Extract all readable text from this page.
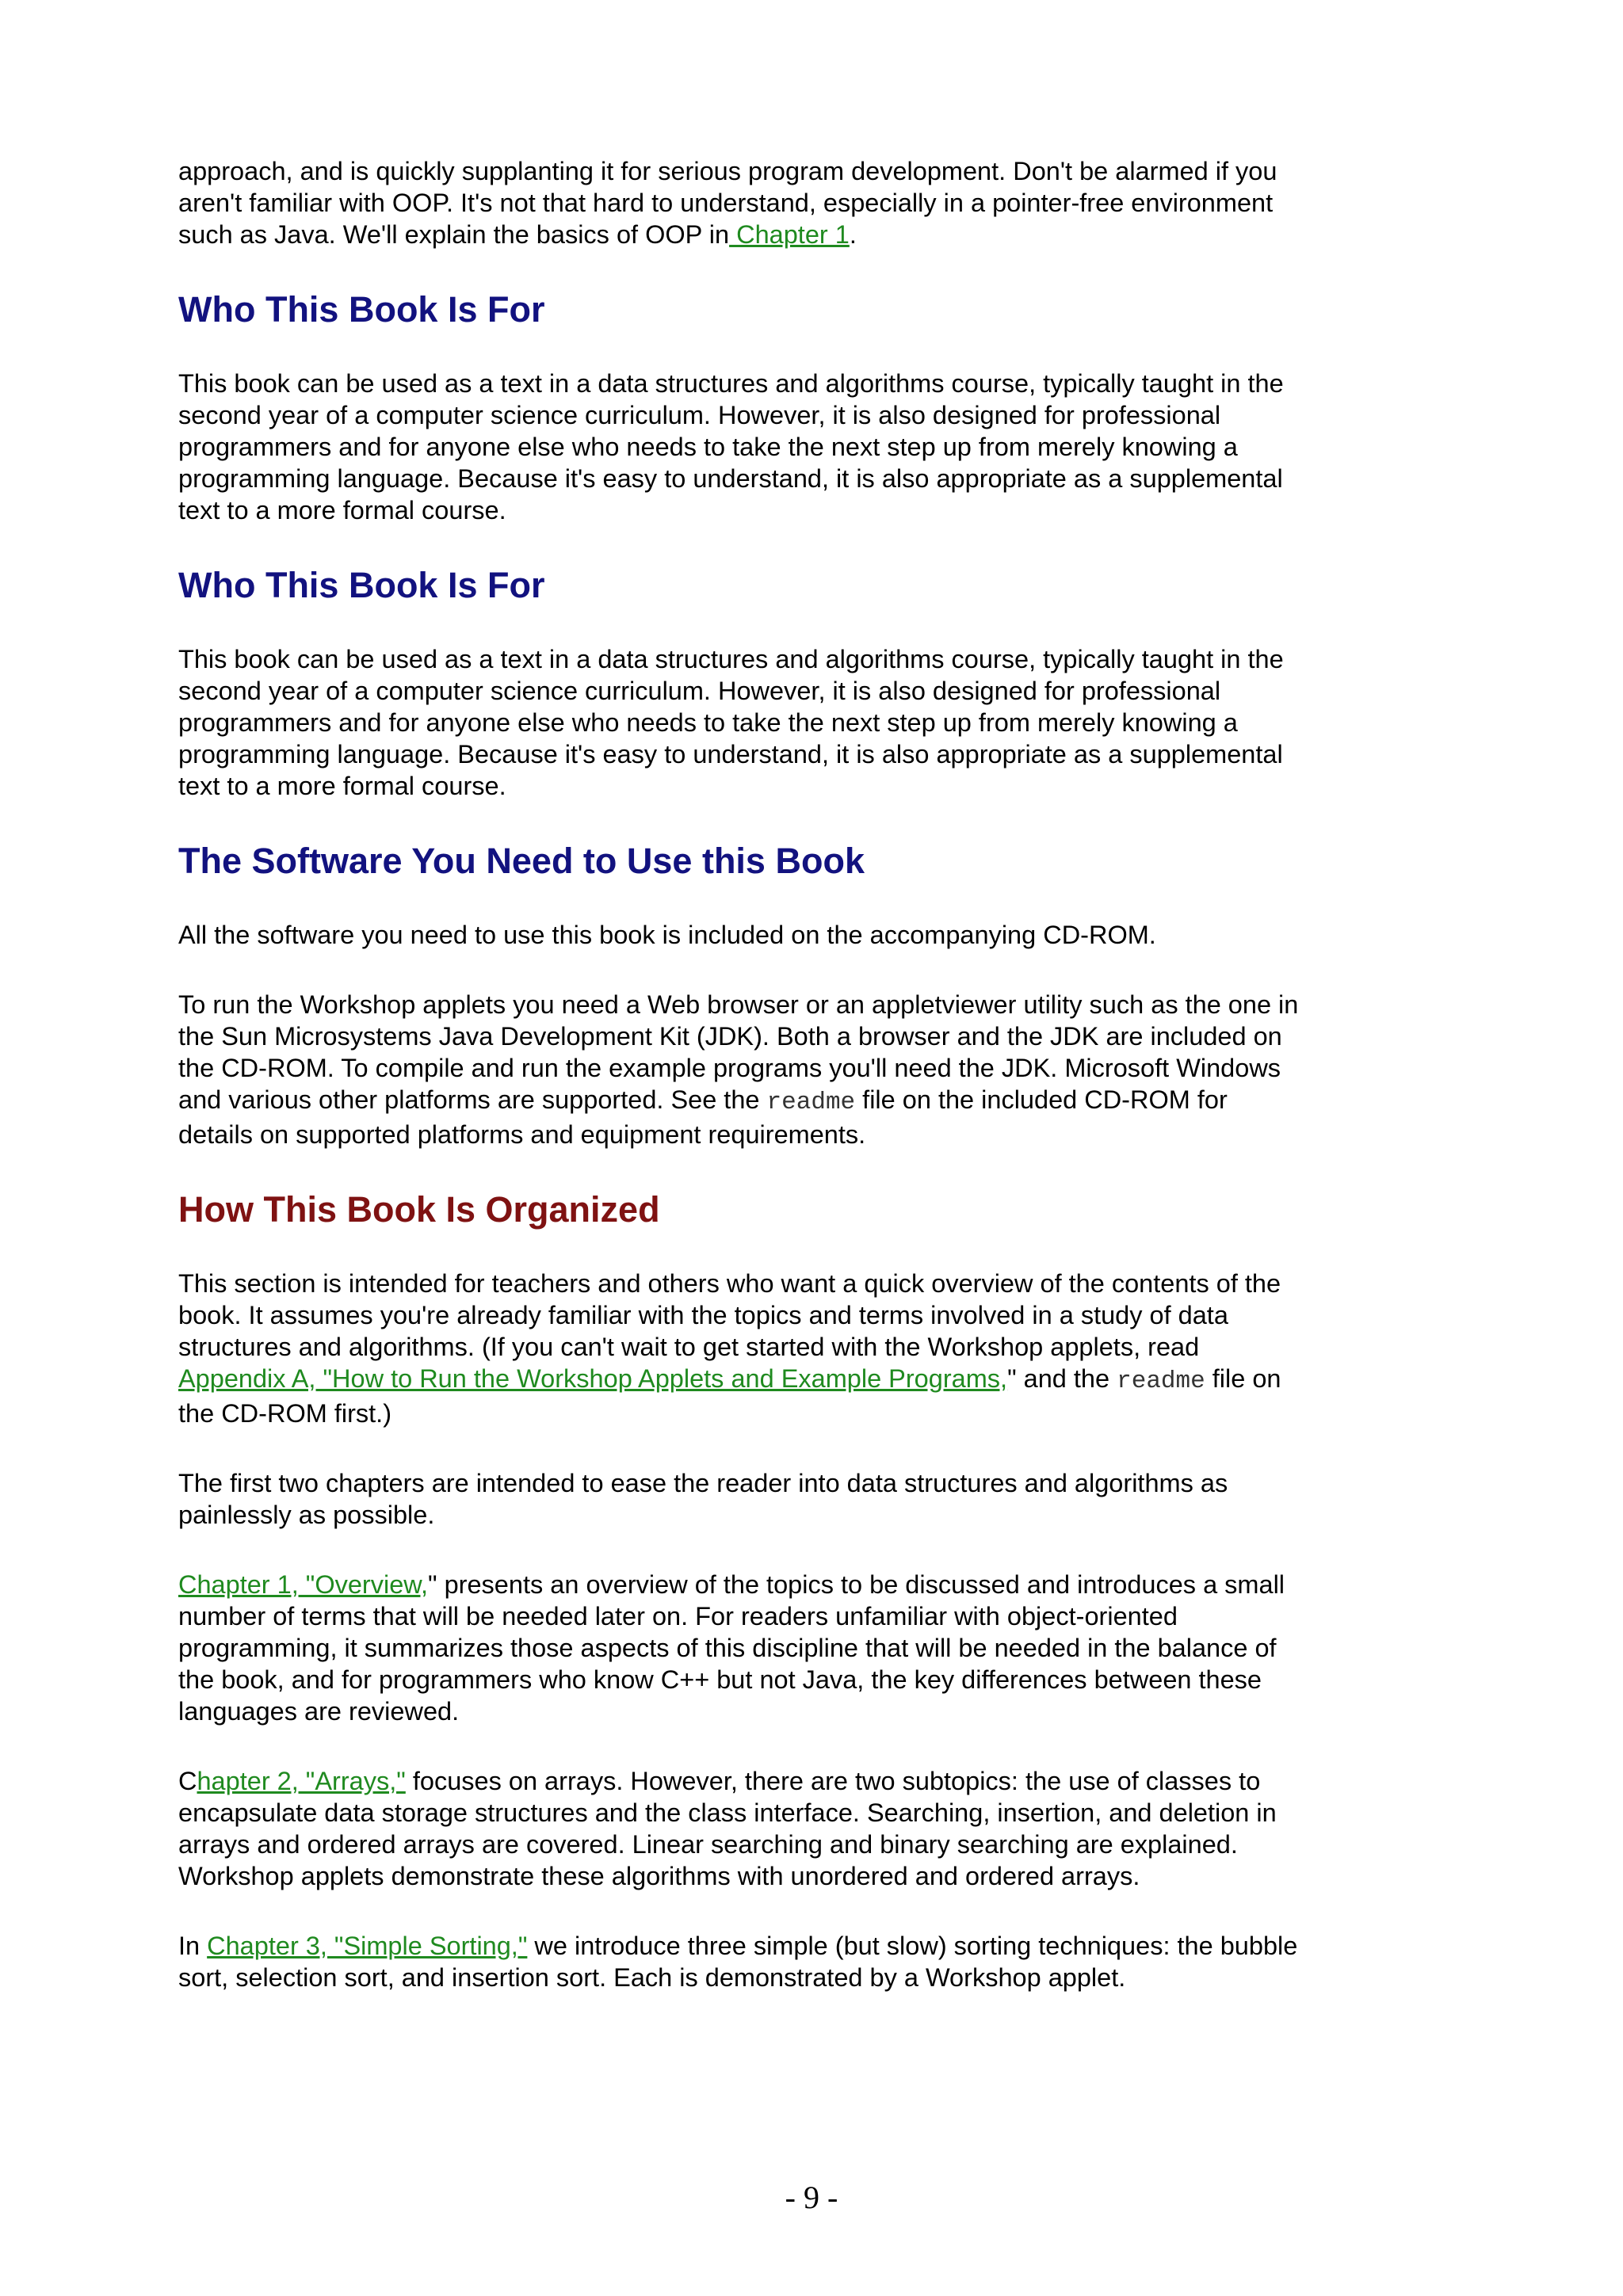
approach, and is quickly supplanting it for serious program development. Don't be alarmed if you aren't familiar with OOP. It's not that hard to understand, especially in a pointer-free environment such as Java. We'll explain the basics of OOP in Chapter 1.

Who This Book Is For

This book can be used as a text in a data structures and algorithms course, typically taught in the second year of a computer science curriculum. However, it is also designed for professional programmers and for anyone else who needs to take the next step up from merely knowing a programming language. Because it's easy to understand, it is also appropriate as a supplemental text to a more formal course.

Who This Book Is For

This book can be used as a text in a data structures and algorithms course, typically taught in the second year of a computer science curriculum. However, it is also designed for professional programmers and for anyone else who needs to take the next step up from merely knowing a programming language. Because it's easy to understand, it is also appropriate as a supplemental text to a more formal course.

The Software You Need to Use this Book

All the software you need to use this book is included on the accompanying CD-ROM.

To run the Workshop applets you need a Web browser or an appletviewer utility such as the one in the Sun Microsystems Java Development Kit (JDK). Both a browser and the JDK are included on the CD-ROM. To compile and run the example programs you'll need the JDK. Microsoft Windows and various other platforms are supported. See the readme file on the included CD-ROM for details on supported platforms and equipment requirements.

How This Book Is Organized

This section is intended for teachers and others who want a quick overview of the contents of the book. It assumes you're already familiar with the topics and terms involved in a study of data structures and algorithms. (If you can't wait to get started with the Workshop applets, read Appendix A, "How to Run the Workshop Applets and Example Programs," and the readme file on the CD-ROM first.)

The first two chapters are intended to ease the reader into data structures and algorithms as painlessly as possible.

Chapter 1, "Overview," presents an overview of the topics to be discussed and introduces a small number of terms that will be needed later on. For readers unfamiliar with object-oriented programming, it summarizes those aspects of this discipline that will be needed in the balance of the book, and for programmers who know C++ but not Java, the key differences between these languages are reviewed.

Chapter 2, "Arrays," focuses on arrays. However, there are two subtopics: the use of classes to encapsulate data storage structures and the class interface. Searching, insertion, and deletion in arrays and ordered arrays are covered. Linear searching and binary searching are explained. Workshop applets demonstrate these algorithms with unordered and ordered arrays.

In Chapter 3, "Simple Sorting," we introduce three simple (but slow) sorting techniques: the bubble sort, selection sort, and insertion sort. Each is demonstrated by a Workshop applet.

- 9 -
